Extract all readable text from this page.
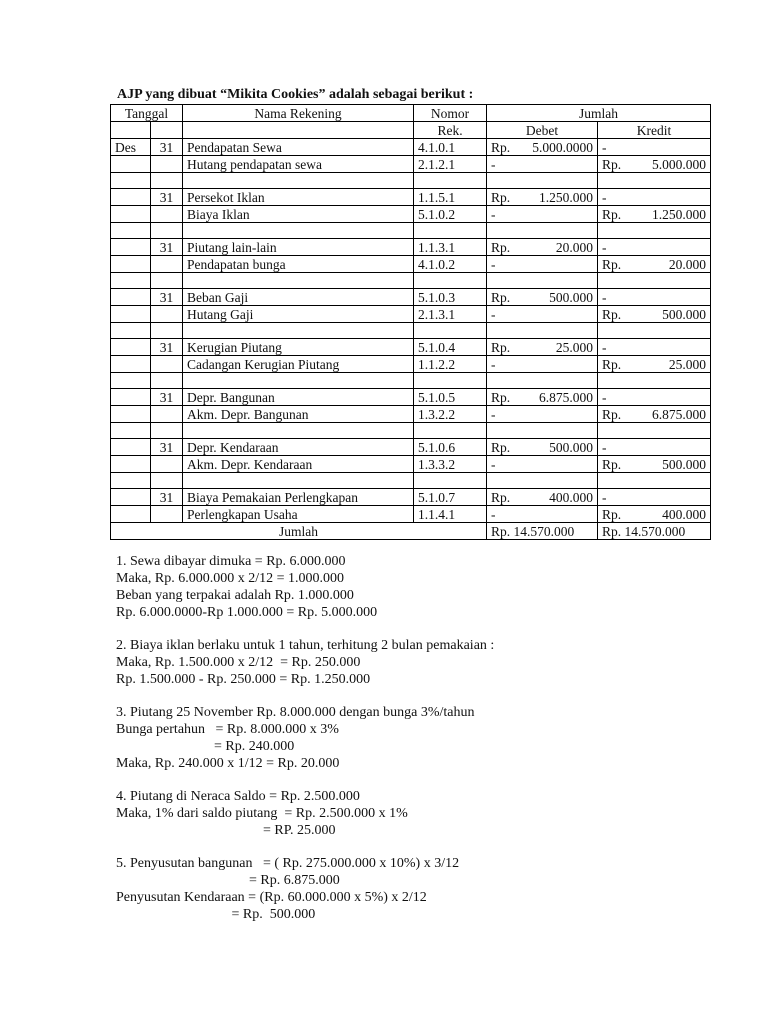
AJP yang dibuat “Mikita Cookies” adalah sebagai berikut :
Tanggal		Nama Rekening	Nomor	Jumlah	
			Rek.	Debet	Kredit
Des	31	Pendapatan Sewa	4.1.0.1	Rp. 5.000.0000	-
		Hutang pendapatan sewa	2.1.2.1	-	Rp. 5.000.000

	31	Persekot Iklan	1.1.5.1	Rp. 1.250.000	-
		Biaya Iklan	5.1.0.2	-	Rp. 1.250.000

	31	Piutang lain-lain	1.1.3.1	Rp. 20.000	-
		Pendapatan bunga	4.1.0.2	-	Rp. 20.000

	31	Beban Gaji	5.1.0.3	Rp. 500.000	-
		Hutang Gaji	2.1.3.1	-	Rp. 500.000

	31	Kerugian Piutang	5.1.0.4	Rp. 25.000	-
		Cadangan Kerugian Piutang	1.1.2.2	-	Rp. 25.000

	31	Depr. Bangunan	5.1.0.5	Rp. 6.875.000	-
		Akm. Depr. Bangunan	1.3.2.2	-	Rp. 6.875.000

	31	Depr. Kendaraan	5.1.0.6	Rp. 500.000	-
		Akm. Depr. Kendaraan	1.3.3.2	-	Rp. 500.000

	31	Biaya Pemakaian Perlengkapan	5.1.0.7	Rp. 400.000	-
		Perlengkapan Usaha	1.1.4.1	-	Rp. 400.000

Jumlah				Rp. 14.570.000	Rp. 14.570.000
1. Sewa dibayar dimuka = Rp. 6.000.000
Maka, Rp. 6.000.000 x 2/12 = 1.000.000
Beban yang terpakai adalah Rp. 1.000.000
Rp. 6.000.0000-Rp 1.000.000 = Rp. 5.000.000
2. Biaya iklan berlaku untuk 1 tahun, terhitung 2 bulan pemakaian :
Maka, Rp. 1.500.000 x 2/12  = Rp. 250.000
Rp. 1.500.000 - Rp. 250.000 = Rp. 1.250.000
3. Piutang 25 November Rp. 8.000.000 dengan bunga 3%/tahun
Bunga pertahun   = Rp. 8.000.000 x 3%
= Rp. 240.000
Maka, Rp. 240.000 x 1/12 = Rp. 20.000
4. Piutang di Neraca Saldo = Rp. 2.500.000
Maka, 1% dari saldo piutang  = Rp. 2.500.000 x 1%
= RP. 25.000
5. Penyusutan bangunan   = ( Rp. 275.000.000 x 10%) x 3/12
= Rp. 6.875.000
Penyusutan Kendaraan = (Rp. 60.000.000 x 5%) x 2/12
= Rp.  500.000
